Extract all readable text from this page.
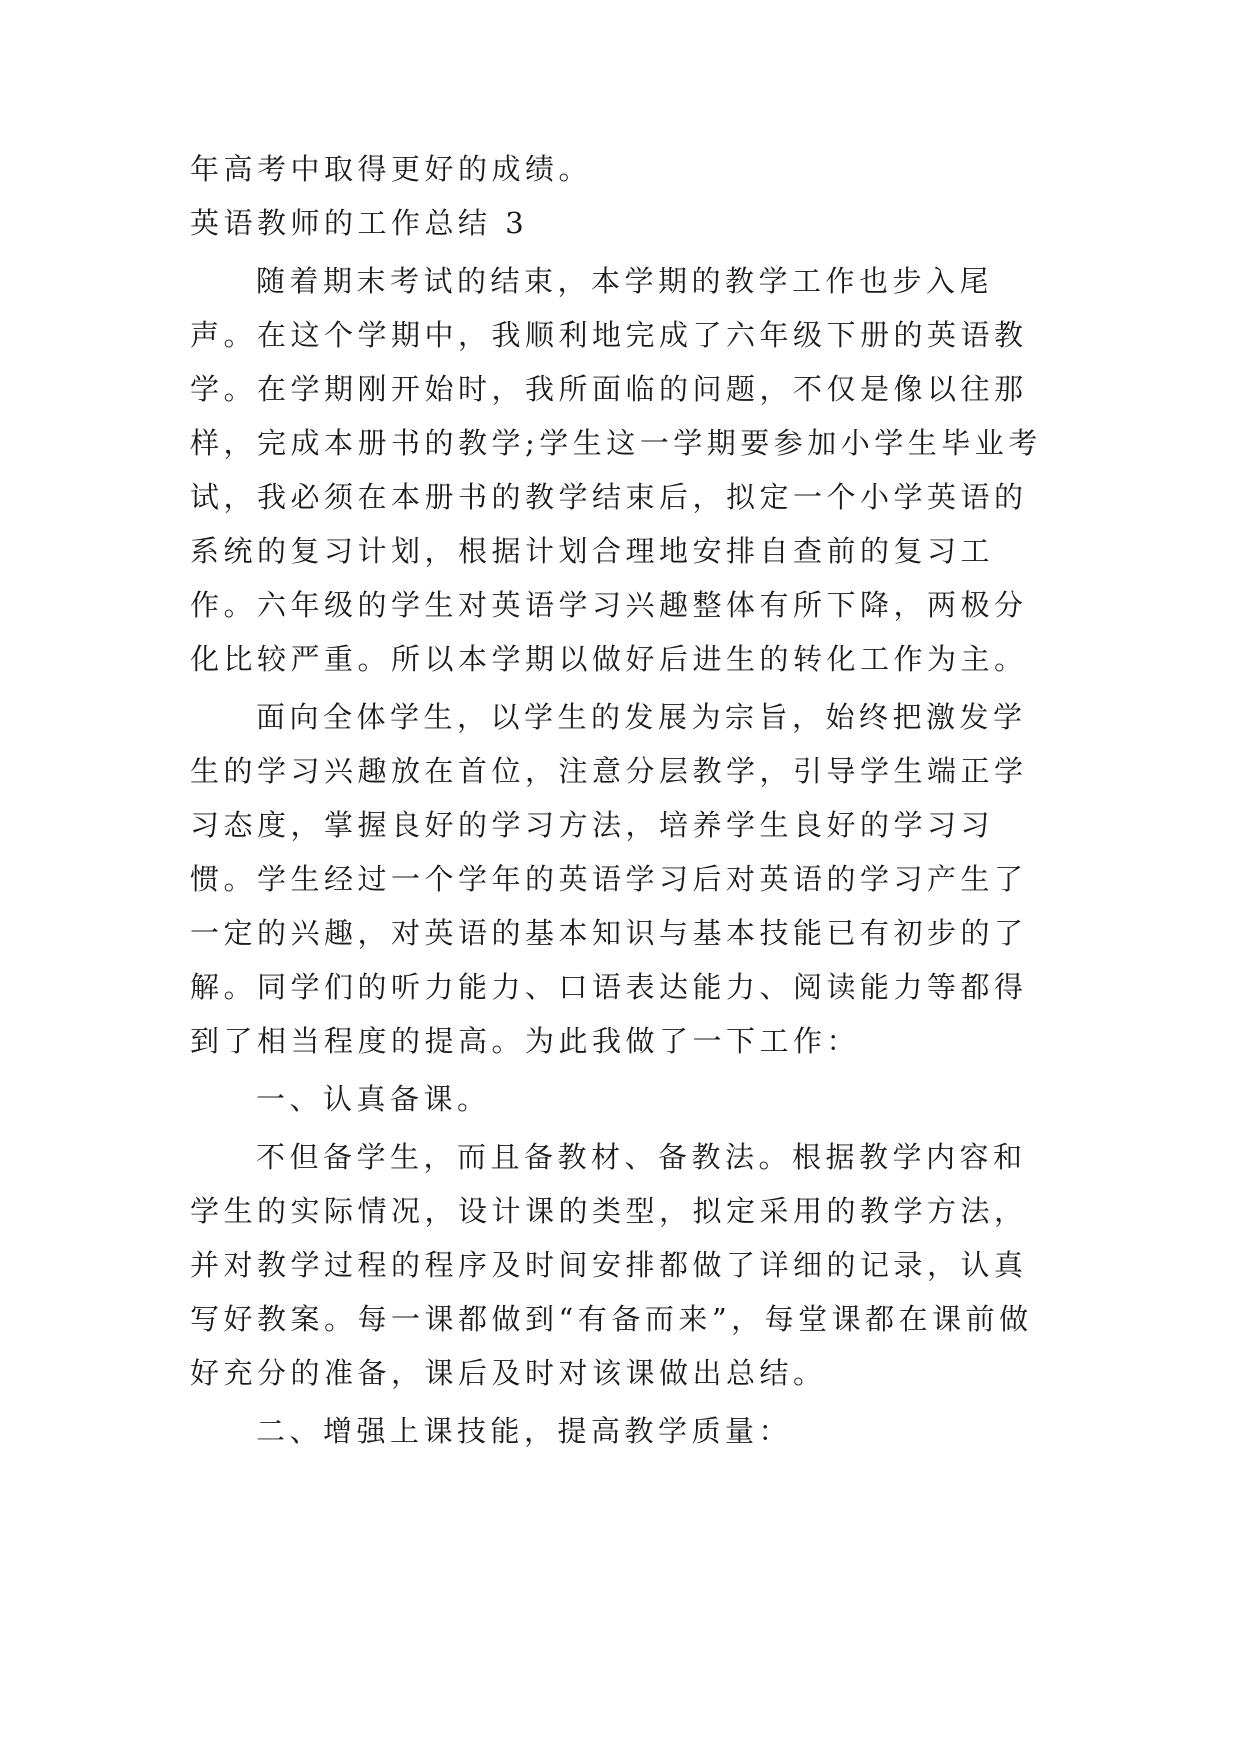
年高考中取得更好的成绩。

英语教师的工作总结 3

随着期末考试的结束，本学期的教学工作也步入尾声。在这个学期中，我顺利地完成了六年级下册的英语教学。在学期刚开始时，我所面临的问题，不仅是像以往那样，完成本册书的教学;学生这一学期要参加小学生毕业考试，我必须在本册书的教学结束后，拟定一个小学英语的系统的复习计划，根据计划合理地安排自查前的复习工作。六年级的学生对英语学习兴趣整体有所下降，两极分化比较严重。所以本学期以做好后进生的转化工作为主。

面向全体学生，以学生的发展为宗旨，始终把激发学生的学习兴趣放在首位，注意分层教学，引导学生端正学习态度，掌握良好的学习方法，培养学生良好的学习习惯。学生经过一个学年的英语学习后对英语的学习产生了一定的兴趣，对英语的基本知识与基本技能已有初步的了解。同学们的听力能力、口语表达能力、阅读能力等都得到了相当程度的提高。为此我做了一下工作：

一、认真备课。

不但备学生，而且备教材、备教法。根据教学内容和学生的实际情况，设计课的类型，拟定采用的教学方法，并对教学过程的程序及时间安排都做了详细的记录，认真写好教案。每一课都做到“有备而来”，每堂课都在课前做好充分的准备，课后及时对该课做出总结。

二、增强上课技能，提高教学质量：
